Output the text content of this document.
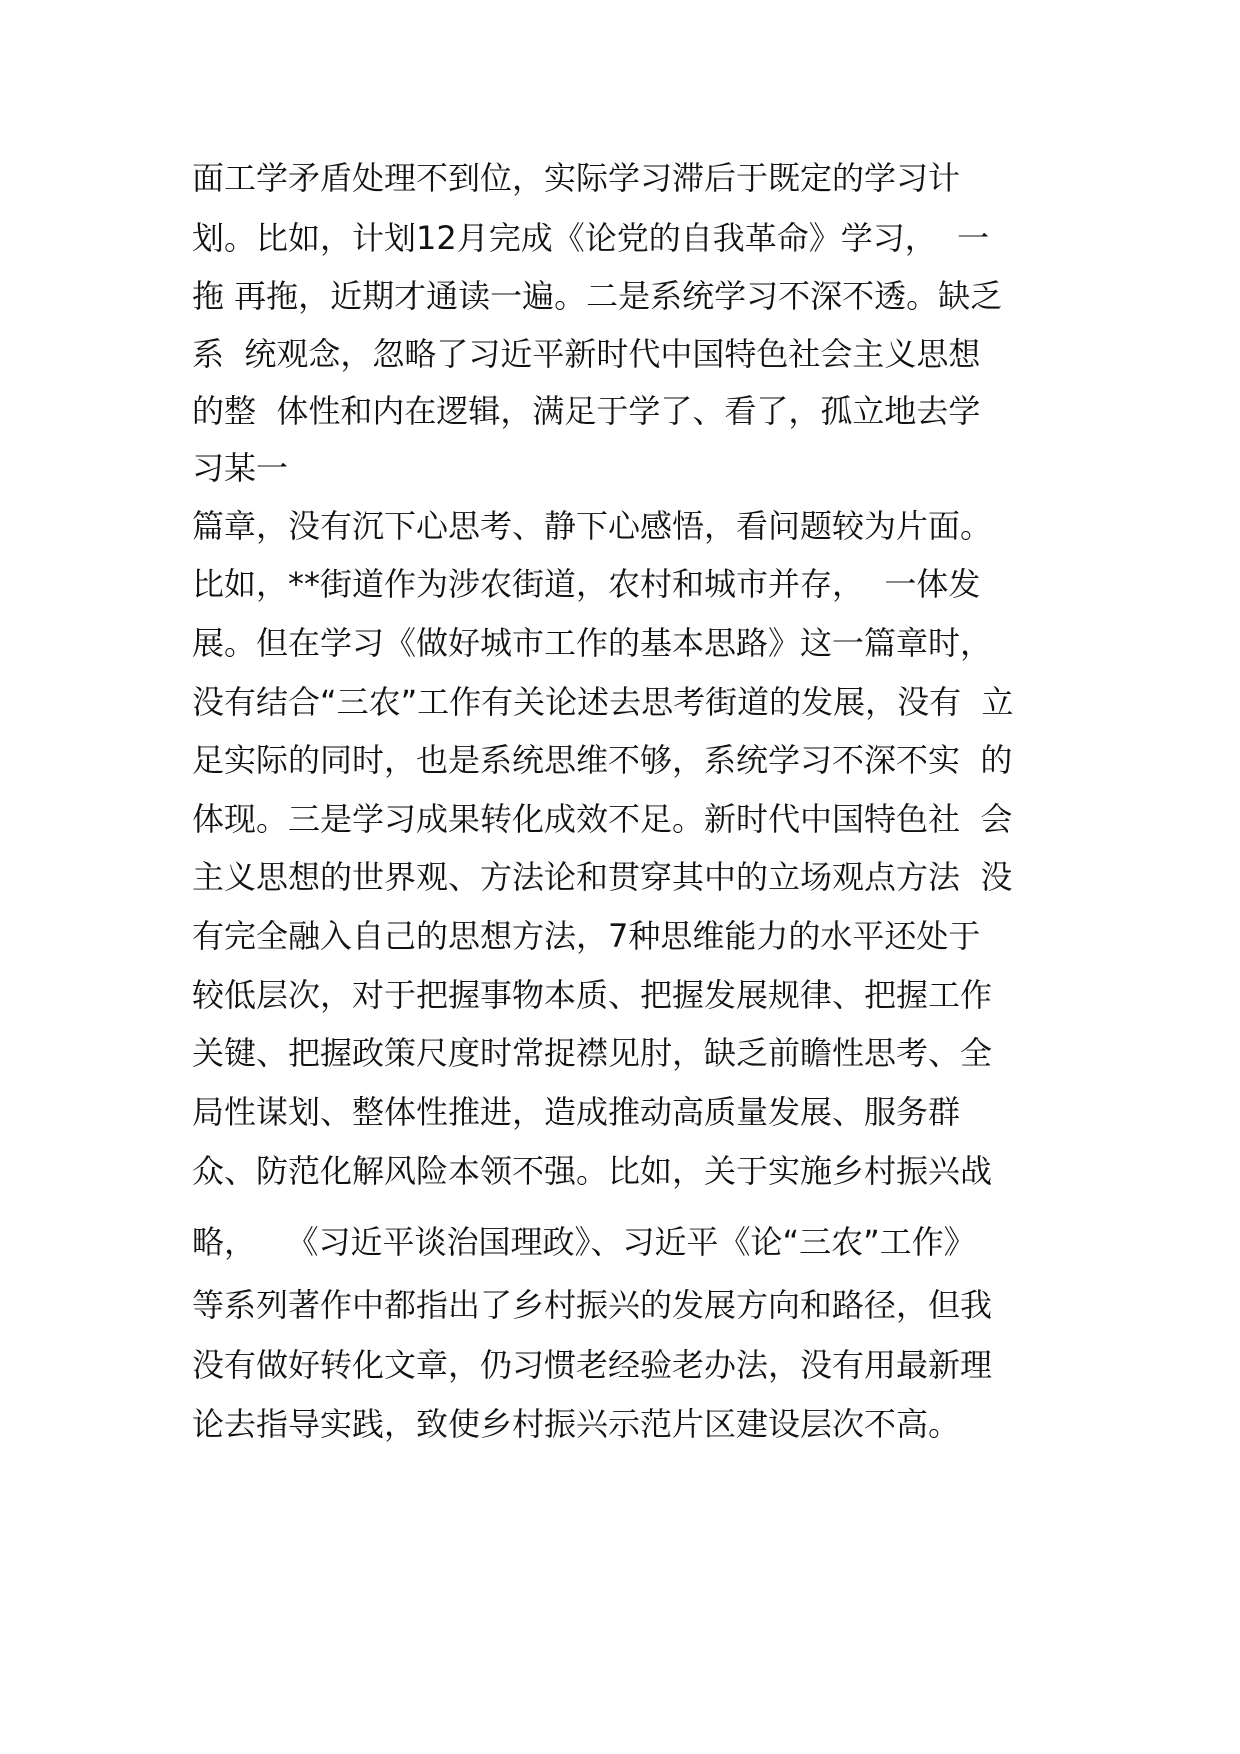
面工学矛盾处理不到位，实际学习滞后于既定的学习计

划。比如，计划12月完成《论党的自我革命》学习，  一

拖 再拖，近期才通读一遍。二是系统学习不深不透。缺乏

系  统观念，忽略了习近平新时代中国特色社会主义思想

的整  体性和内在逻辑，满足于学了、看了，孤立地去学

习某一

篇章，没有沉下心思考、静下心感悟，看问题较为片面。

比如，**街道作为涉农街道，农村和城市并存，  一体发

展。但在学习《做好城市工作的基本思路》这一篇章时，

没有结合“三农”工作有关论述去思考街道的发展，没有  立

足实际的同时，也是系统思维不够，系统学习不深不实  的

体现。三是学习成果转化成效不足。新时代中国特色社  会

主义思想的世界观、方法论和贯穿其中的立场观点方法  没

有完全融入自己的思想方法，7种思维能力的水平还处于

较低层次，对于把握事物本质、把握发展规律、把握工作

关键、把握政策尺度时常捉襟见肘，缺乏前瞻性思考、全

局性谋划、整体性推进，造成推动高质量发展、服务群

众、防范化解风险本领不强。比如，关于实施乡村振兴战

略，   《习近平谈治国理政》、习近平《论“三农”工作》

等系列著作中都指出了乡村振兴的发展方向和路径，但我

没有做好转化文章，仍习惯老经验老办法，没有用最新理

论去指导实践，致使乡村振兴示范片区建设层次不高。
